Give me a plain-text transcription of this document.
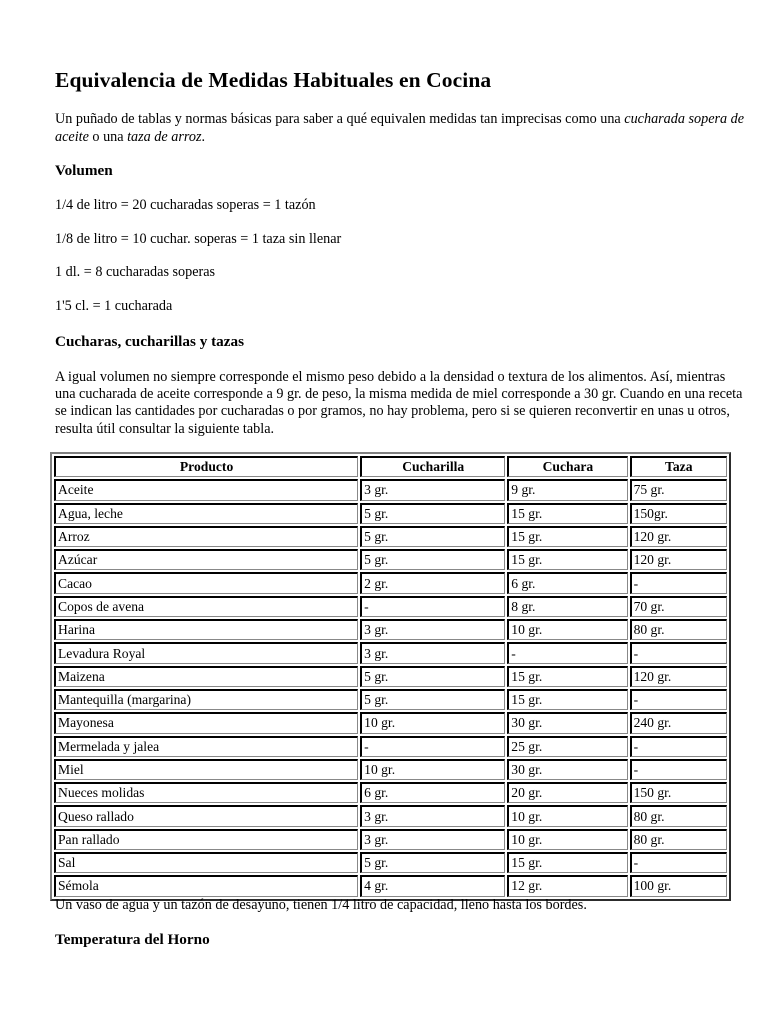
Equivalencia de Medidas Habituales en Cocina

Un puñado de tablas y normas básicas para saber a qué equivalen medidas tan imprecisas como una cucharada sopera de aceite o una taza de arroz.

Volumen

1/4 de litro = 20 cucharadas soperas = 1 tazón

1/8 de litro = 10 cuchar. soperas = 1 taza sin llenar

1 dl. = 8 cucharadas soperas

1'5 cl. = 1 cucharada

Cucharas, cucharillas y tazas

A igual volumen no siempre corresponde el mismo peso debido a la densidad o textura de los alimentos. Así, mientras una cucharada de aceite corresponde a 9 gr. de peso, la misma medida de miel corresponde a 30 gr. Cuando en una receta se indican las cantidades por cucharadas o por gramos, no hay problema, pero si se quieren reconvertir en unas u otros, resulta útil consultar la siguiente tabla.

Producto	Cucharilla	Cuchara	Taza
Aceite	3 gr.	9 gr.	75 gr.
Agua, leche	5 gr.	15 gr.	150gr.
Arroz	5 gr.	15 gr.	120 gr.
Azúcar	5 gr.	15 gr.	120 gr.
Cacao	2 gr.	6 gr.	-
Copos de avena	-	8 gr.	70 gr.
Harina	3 gr.	10 gr.	80 gr.
Levadura Royal	3 gr.	-	-
Maizena	5 gr.	15 gr.	120 gr.
Mantequilla (margarina)	5 gr.	15 gr.	-
Mayonesa	10 gr.	30 gr.	240 gr.
Mermelada y jalea	-	25 gr.	-
Miel	10 gr.	30 gr.	-
Nueces molidas	6 gr.	20 gr.	150 gr.
Queso rallado	3 gr.	10 gr.	80 gr.
Pan rallado	3 gr.	10 gr.	80 gr.
Sal	5 gr.	15 gr.	-
Sémola	4 gr.	12 gr.	100 gr.

Un vaso de agua y un tazón de desayuno, tienen 1/4 litro de capacidad, lleno hasta los bordes.

Temperatura del Horno
